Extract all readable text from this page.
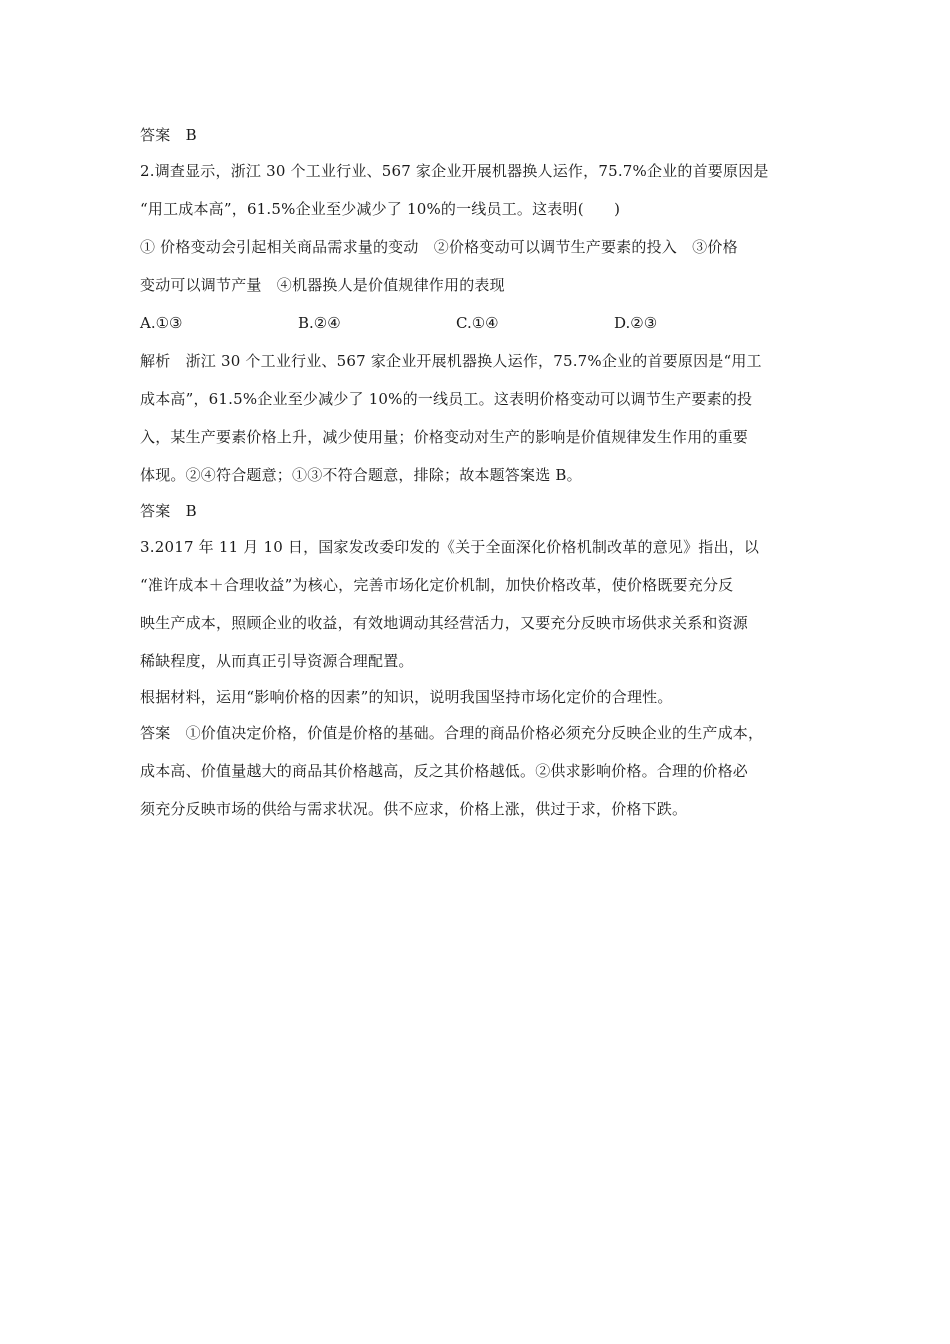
答案　B
2.调查显示，浙江 30 个工业行业、567 家企业开展机器换人运作，75.7%企业的首要原因是
“用工成本高”，61.5%企业至少减少了 10%的一线员工。这表明(　　)
① 价格变动会引起相关商品需求量的变动　②价格变动可以调节生产要素的投入　③价格
变动可以调节产量　④机器换人是价值规律作用的表现
A.①③	B.②④	C.①④	D.②③
解析　浙江 30 个工业行业、567 家企业开展机器换人运作，75.7%企业的首要原因是“用工
成本高”，61.5%企业至少减少了 10%的一线员工。这表明价格变动可以调节生产要素的投
入，某生产要素价格上升，减少使用量；价格变动对生产的影响是价值规律发生作用的重要
体现。②④符合题意；①③不符合题意，排除；故本题答案选 B。
答案　B
3.2017 年 11 月 10 日，国家发改委印发的《关于全面深化价格机制改革的意见》指出，以
“准许成本＋合理收益”为核心，完善市场化定价机制，加快价格改革，使价格既要充分反
映生产成本，照顾企业的收益，有效地调动其经营活力，又要充分反映市场供求关系和资源
稀缺程度，从而真正引导资源合理配置。
根据材料，运用“影响价格的因素”的知识，说明我国坚持市场化定价的合理性。
答案　①价值决定价格，价值是价格的基础。合理的商品价格必须充分反映企业的生产成本，
成本高、价值量越大的商品其价格越高，反之其价格越低。②供求影响价格。合理的价格必
须充分反映市场的供给与需求状况。供不应求，价格上涨，供过于求，价格下跌。
